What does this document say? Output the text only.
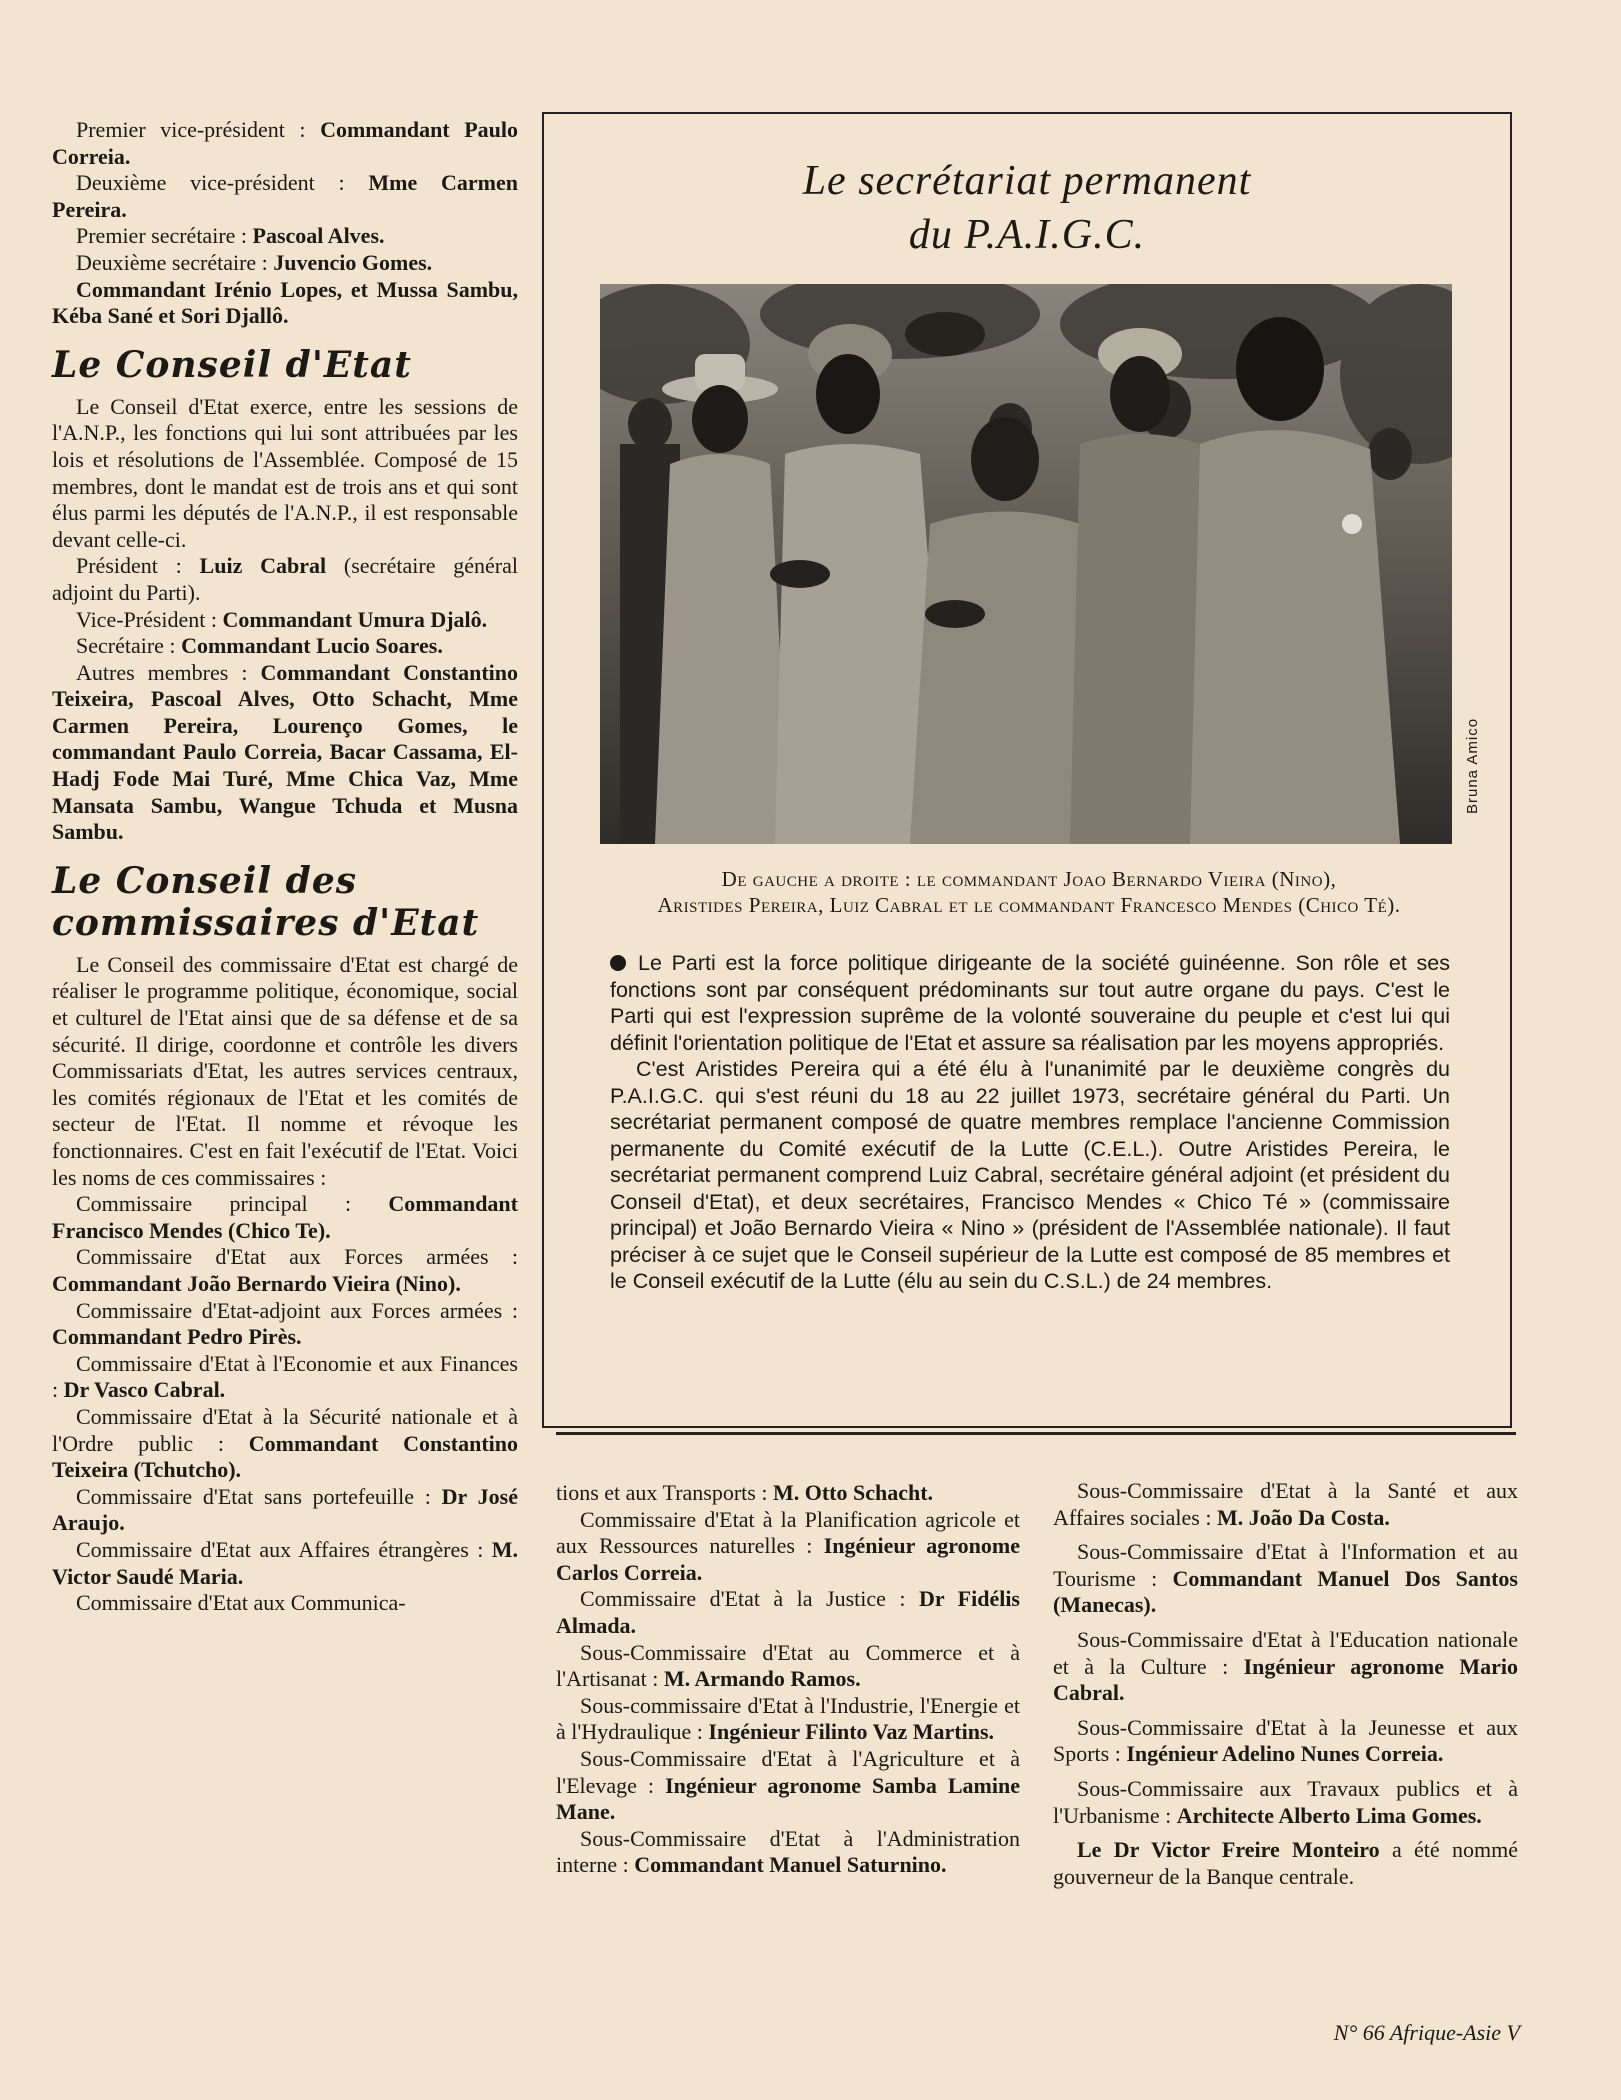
Premier vice-président : Commandant Paulo Correia.

Deuxième vice-président : Mme Carmen Pereira.

Premier secrétaire : Pascoal Alves.

Deuxième secrétaire : Juvencio Gomes.

Commandant Irénio Lopes, et Mussa Sambu, Kéba Sané et Sori Djallô.

Le Conseil d'Etat

Le Conseil d'Etat exerce, entre les sessions de l'A.N.P., les fonctions qui lui sont attribuées par les lois et résolutions de l'Assemblée. Composé de 15 membres, dont le mandat est de trois ans et qui sont élus parmi les députés de l'A.N.P., il est responsable devant celle-ci.

Président : Luiz Cabral (secrétaire général adjoint du Parti).

Vice-Président : Commandant Umura Djalô.

Secrétaire : Commandant Lucio Soares.

Autres membres : Commandant Constantino Teixeira, Pascoal Alves, Otto Schacht, Mme Carmen Pereira, Lourenço Gomes, le commandant Paulo Correia, Bacar Cassama, El-Hadj Fode Mai Turé, Mme Chica Vaz, Mme Mansata Sambu, Wangue Tchuda et Musna Sambu.

Le Conseil des commissaires d'Etat

Le Conseil des commissaire d'Etat est chargé de réaliser le programme politique, économique, social et culturel de l'Etat ainsi que de sa défense et de sa sécurité. Il dirige, coordonne et contrôle les divers Commissariats d'Etat, les autres services centraux, les comités régionaux de l'Etat et les comités de secteur de l'Etat. Il nomme et révoque les fonctionnaires. C'est en fait l'exécutif de l'Etat. Voici les noms de ces commissaires :

Commissaire principal : Commandant Francisco Mendes (Chico Te).

Commissaire d'Etat aux Forces armées : Commandant João Bernardo Vieira (Nino).

Commissaire d'Etat-adjoint aux Forces armées : Commandant Pedro Pirès.

Commissaire d'Etat à l'Economie et aux Finances : Dr Vasco Cabral.

Commissaire d'Etat à la Sécurité nationale et à l'Ordre public : Commandant Constantino Teixeira (Tchutcho).

Commissaire d'Etat sans portefeuille : Dr José Araujo.

Commissaire d'Etat aux Affaires étrangères : M. Victor Saudé Maria.

Commissaire d'Etat aux Communica-

Le secrétariat permanent
du P.A.I.G.C.
Bruna Amico
De gauche a droite : le commandant Joao Bernardo Vieira (Nino),
Aristides Pereira, Luiz Cabral et le commandant Francesco Mendes (Chico Té).

Le Parti est la force politique dirigeante de la société guinéenne. Son rôle et ses fonctions sont par conséquent prédominants sur tout autre organe du pays. C'est le Parti qui est l'expression suprême de la volonté souveraine du peuple et c'est lui qui définit l'orientation politique de l'Etat et assure sa réalisation par les moyens appropriés.

C'est Aristides Pereira qui a été élu à l'unanimité par le deuxième congrès du P.A.I.G.C. qui s'est réuni du 18 au 22 juillet 1973, secrétaire général du Parti. Un secrétariat permanent composé de quatre membres remplace l'ancienne Commission permanente du Comité exécutif de la Lutte (C.E.L.). Outre Aristides Pereira, le secrétariat permanent comprend Luiz Cabral, secrétaire général adjoint (et président du Conseil d'Etat), et deux secrétaires, Francisco Mendes « Chico Té » (commissaire principal) et João Bernardo Vieira « Nino » (président de l'Assemblée nationale). Il faut préciser à ce sujet que le Conseil supérieur de la Lutte est composé de 85 membres et le Conseil exécutif de la Lutte (élu au sein du C.S.L.) de 24 membres.

tions et aux Transports : M. Otto Schacht.

Commissaire d'Etat à la Planification agricole et aux Ressources naturelles : Ingénieur agronome Carlos Correia.

Commissaire d'Etat à la Justice : Dr Fidélis Almada.

Sous-Commissaire d'Etat au Commerce et à l'Artisanat : M. Armando Ramos.

Sous-commissaire d'Etat à l'Industrie, l'Energie et à l'Hydraulique : Ingénieur Filinto Vaz Martins.

Sous-Commissaire d'Etat à l'Agriculture et à l'Elevage : Ingénieur agronome Samba Lamine Mane.

Sous-Commissaire d'Etat à l'Administration interne : Commandant Manuel Saturnino.

Sous-Commissaire d'Etat à la Santé et aux Affaires sociales : M. João Da Costa.

Sous-Commissaire d'Etat à l'Information et au Tourisme : Commandant Manuel Dos Santos (Manecas).

Sous-Commissaire d'Etat à l'Education nationale et à la Culture : Ingénieur agronome Mario Cabral.

Sous-Commissaire d'Etat à la Jeunesse et aux Sports : Ingénieur Adelino Nunes Correia.

Sous-Commissaire aux Travaux publics et à l'Urbanisme : Architecte Alberto Lima Gomes.

Le Dr Victor Freire Monteiro a été nommé gouverneur de la Banque centrale.

N° 66 Afrique-Asie V
